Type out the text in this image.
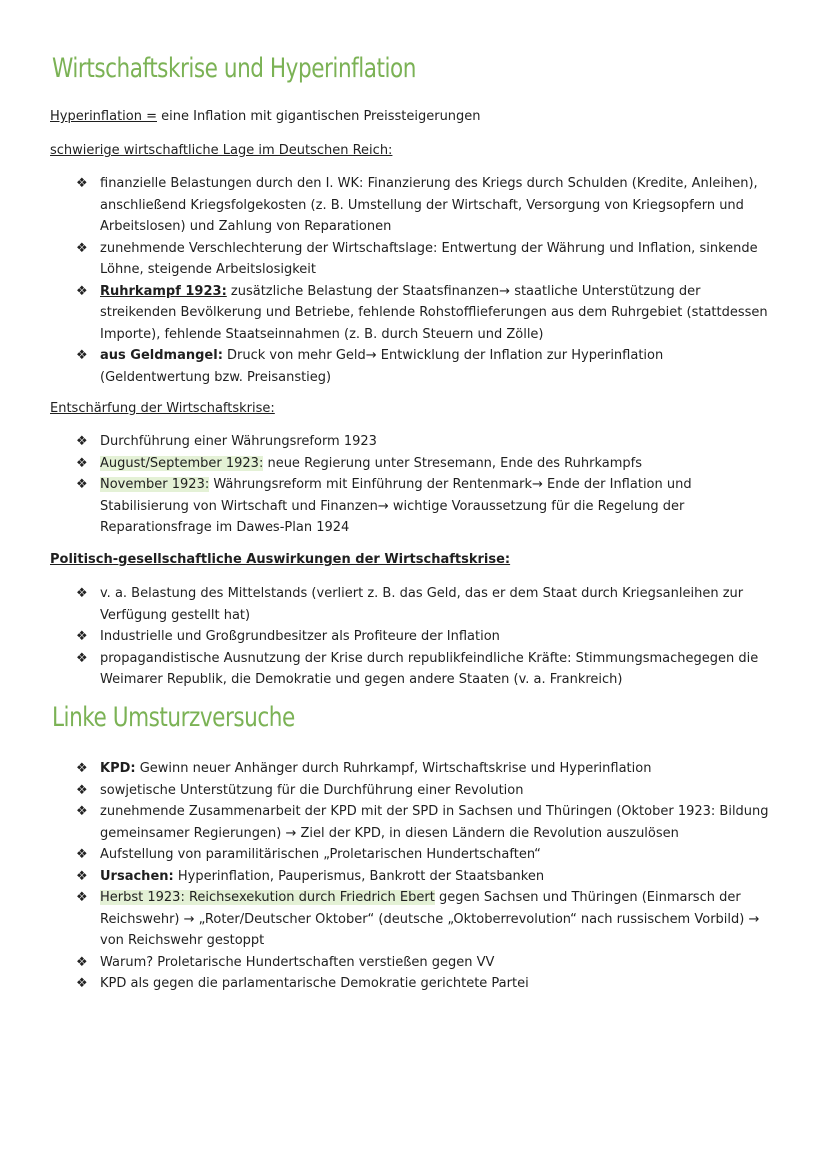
Wirtschaftskrise und Hyperinflation

Hyperinflation = eine Inflation mit gigantischen Preissteigerungen

schwierige wirtschaftliche Lage im Deutschen Reich:

❖ finanzielle Belastungen durch den I. WK: Finanzierung des Kriegs durch Schulden (Kredite, Anleihen), anschließend Kriegsfolgekosten (z. B. Umstellung der Wirtschaft, Versorgung von Kriegsopfern und Arbeitslosen) und Zahlung von Reparationen
❖ zunehmende Verschlechterung der Wirtschaftslage: Entwertung der Währung und Inflation, sinkende Löhne, steigende Arbeitslosigkeit
❖ Ruhrkampf 1923: zusätzliche Belastung der Staatsfinanzen→ staatliche Unterstützung der streikenden Bevölkerung und Betriebe, fehlende Rohstofflieferungen aus dem Ruhrgebiet (stattdessen Importe), fehlende Staatseinnahmen (z. B. durch Steuern und Zölle)
❖ aus Geldmangel: Druck von mehr Geld→ Entwicklung der Inflation zur Hyperinflation (Geldentwertung bzw. Preisanstieg)

Entschärfung der Wirtschaftskrise:

❖ Durchführung einer Währungsreform 1923
❖ August/September 1923: neue Regierung unter Stresemann, Ende des Ruhrkampfs
❖ November 1923: Währungsreform mit Einführung der Rentenmark→ Ende der Inflation und Stabilisierung von Wirtschaft und Finanzen→ wichtige Voraussetzung für die Regelung der Reparationsfrage im Dawes-Plan 1924

Politisch-gesellschaftliche Auswirkungen der Wirtschaftskrise:

❖ v. a. Belastung des Mittelstands (verliert z. B. das Geld, das er dem Staat durch Kriegsanleihen zur Verfügung gestellt hat)
❖ Industrielle und Großgrundbesitzer als Profiteure der Inflation
❖ propagandistische Ausnutzung der Krise durch republikfeindliche Kräfte: Stimmungsmachegegen die Weimarer Republik, die Demokratie und gegen andere Staaten (v. a. Frankreich)
Linke Umsturzversuche
❖ KPD: Gewinn neuer Anhänger durch Ruhrkampf, Wirtschaftskrise und Hyperinflation
❖ sowjetische Unterstützung für die Durchführung einer Revolution
❖ zunehmende Zusammenarbeit der KPD mit der SPD in Sachsen und Thüringen (Oktober 1923: Bildung gemeinsamer Regierungen) → Ziel der KPD, in diesen Ländern die Revolution auszulösen
❖ Aufstellung von paramilitärischen „Proletarischen Hundertschaften“
❖ Ursachen: Hyperinflation, Pauperismus, Bankrott der Staatsbanken
❖ Herbst 1923: Reichsexekution durch Friedrich Ebert gegen Sachsen und Thüringen (Einmarsch der Reichswehr) → „Roter/Deutscher Oktober“ (deutsche „Oktoberrevolution“ nach russischem Vorbild) → von Reichswehr gestoppt
❖ Warum? Proletarische Hundertschaften verstießen gegen VV
❖ KPD als gegen die parlamentarische Demokratie gerichtete Partei
